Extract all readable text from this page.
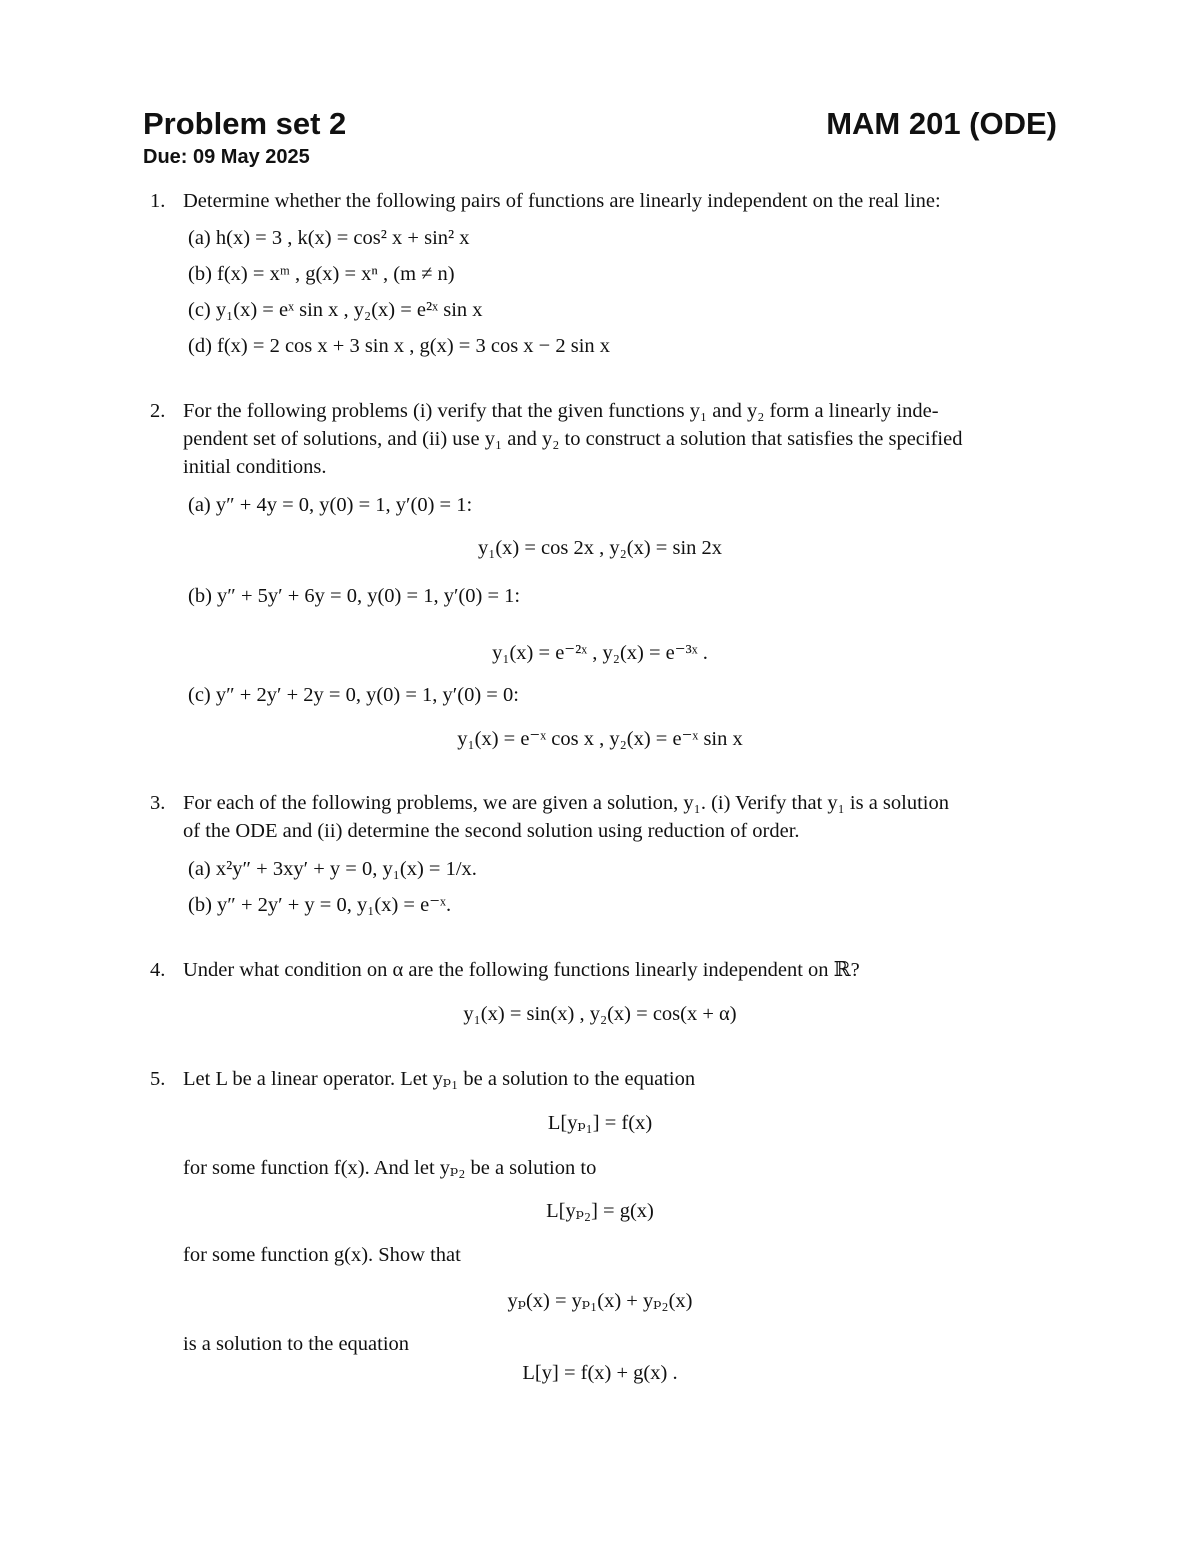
Problem set 2	MAM 201 (ODE)
Due: 09 May 2025
1. Determine whether the following pairs of functions are linearly independent on the real line:
(a) h(x) = 3 , k(x) = cos² x + sin² x
(b) f(x) = xᵐ , g(x) = xⁿ , (m ≠ n)
(c) y₁(x) = eˣ sin x , y₂(x) = e²ˣ sin x
(d) f(x) = 2 cos x + 3 sin x , g(x) = 3 cos x − 2 sin x
2. For the following problems (i) verify that the given functions y₁ and y₂ form a linearly inde-
pendent set of solutions, and (ii) use y₁ and y₂ to construct a solution that satisfies the specified
initial conditions.
(a) y″ + 4y = 0, y(0) = 1, y′(0) = 1:
y₁(x) = cos 2x , y₂(x) = sin 2x
(b) y″ + 5y′ + 6y = 0, y(0) = 1, y′(0) = 1:
y₁(x) = e⁻²ˣ , y₂(x) = e⁻³ˣ .
(c) y″ + 2y′ + 2y = 0, y(0) = 1, y′(0) = 0:
y₁(x) = e⁻ˣ cos x , y₂(x) = e⁻ˣ sin x
3. For each of the following problems, we are given a solution, y₁. (i) Verify that y₁ is a solution
of the ODE and (ii) determine the second solution using reduction of order.
(a) x²y″ + 3xy′ + y = 0, y₁(x) = 1/x.
(b) y″ + 2y′ + y = 0, y₁(x) = e⁻ˣ.
4. Under what condition on α are the following functions linearly independent on ℝ?
y₁(x) = sin(x) , y₂(x) = cos(x + α)
5. Let L be a linear operator. Let yₚ₁ be a solution to the equation
L[yₚ₁] = f(x)
for some function f(x). And let yₚ₂ be a solution to
L[yₚ₂] = g(x)
for some function g(x). Show that
yₚ(x) = yₚ₁(x) + yₚ₂(x)
is a solution to the equation
L[y] = f(x) + g(x) .
